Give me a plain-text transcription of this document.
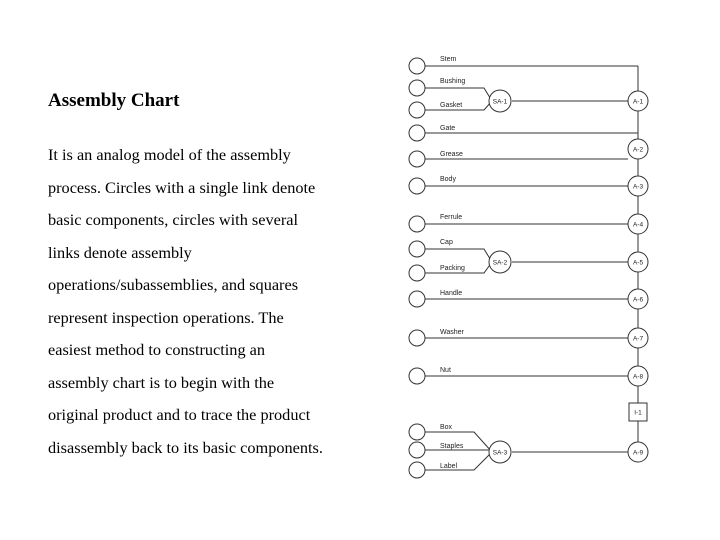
Assembly Chart
It is an analog model of the assembly
process. Circles with a single link denote
basic components, circles with several
links denote assembly
operations/subassemblies, and squares
represent inspection operations. The
easiest method to constructing an
assembly chart is to begin with the
original product and to trace the product
disassembly back to its basic components.
Stem
Bushing
Gasket
Gate
Grease
Body
Ferrule
Cap
Packing
Handle
Washer
Nut
Box
Staples
Label
SA-1
SA-2
SA-3
A-1
A-2
A-3
A-4
A-5
A-6
A-7
A-8
I-1
A-9
